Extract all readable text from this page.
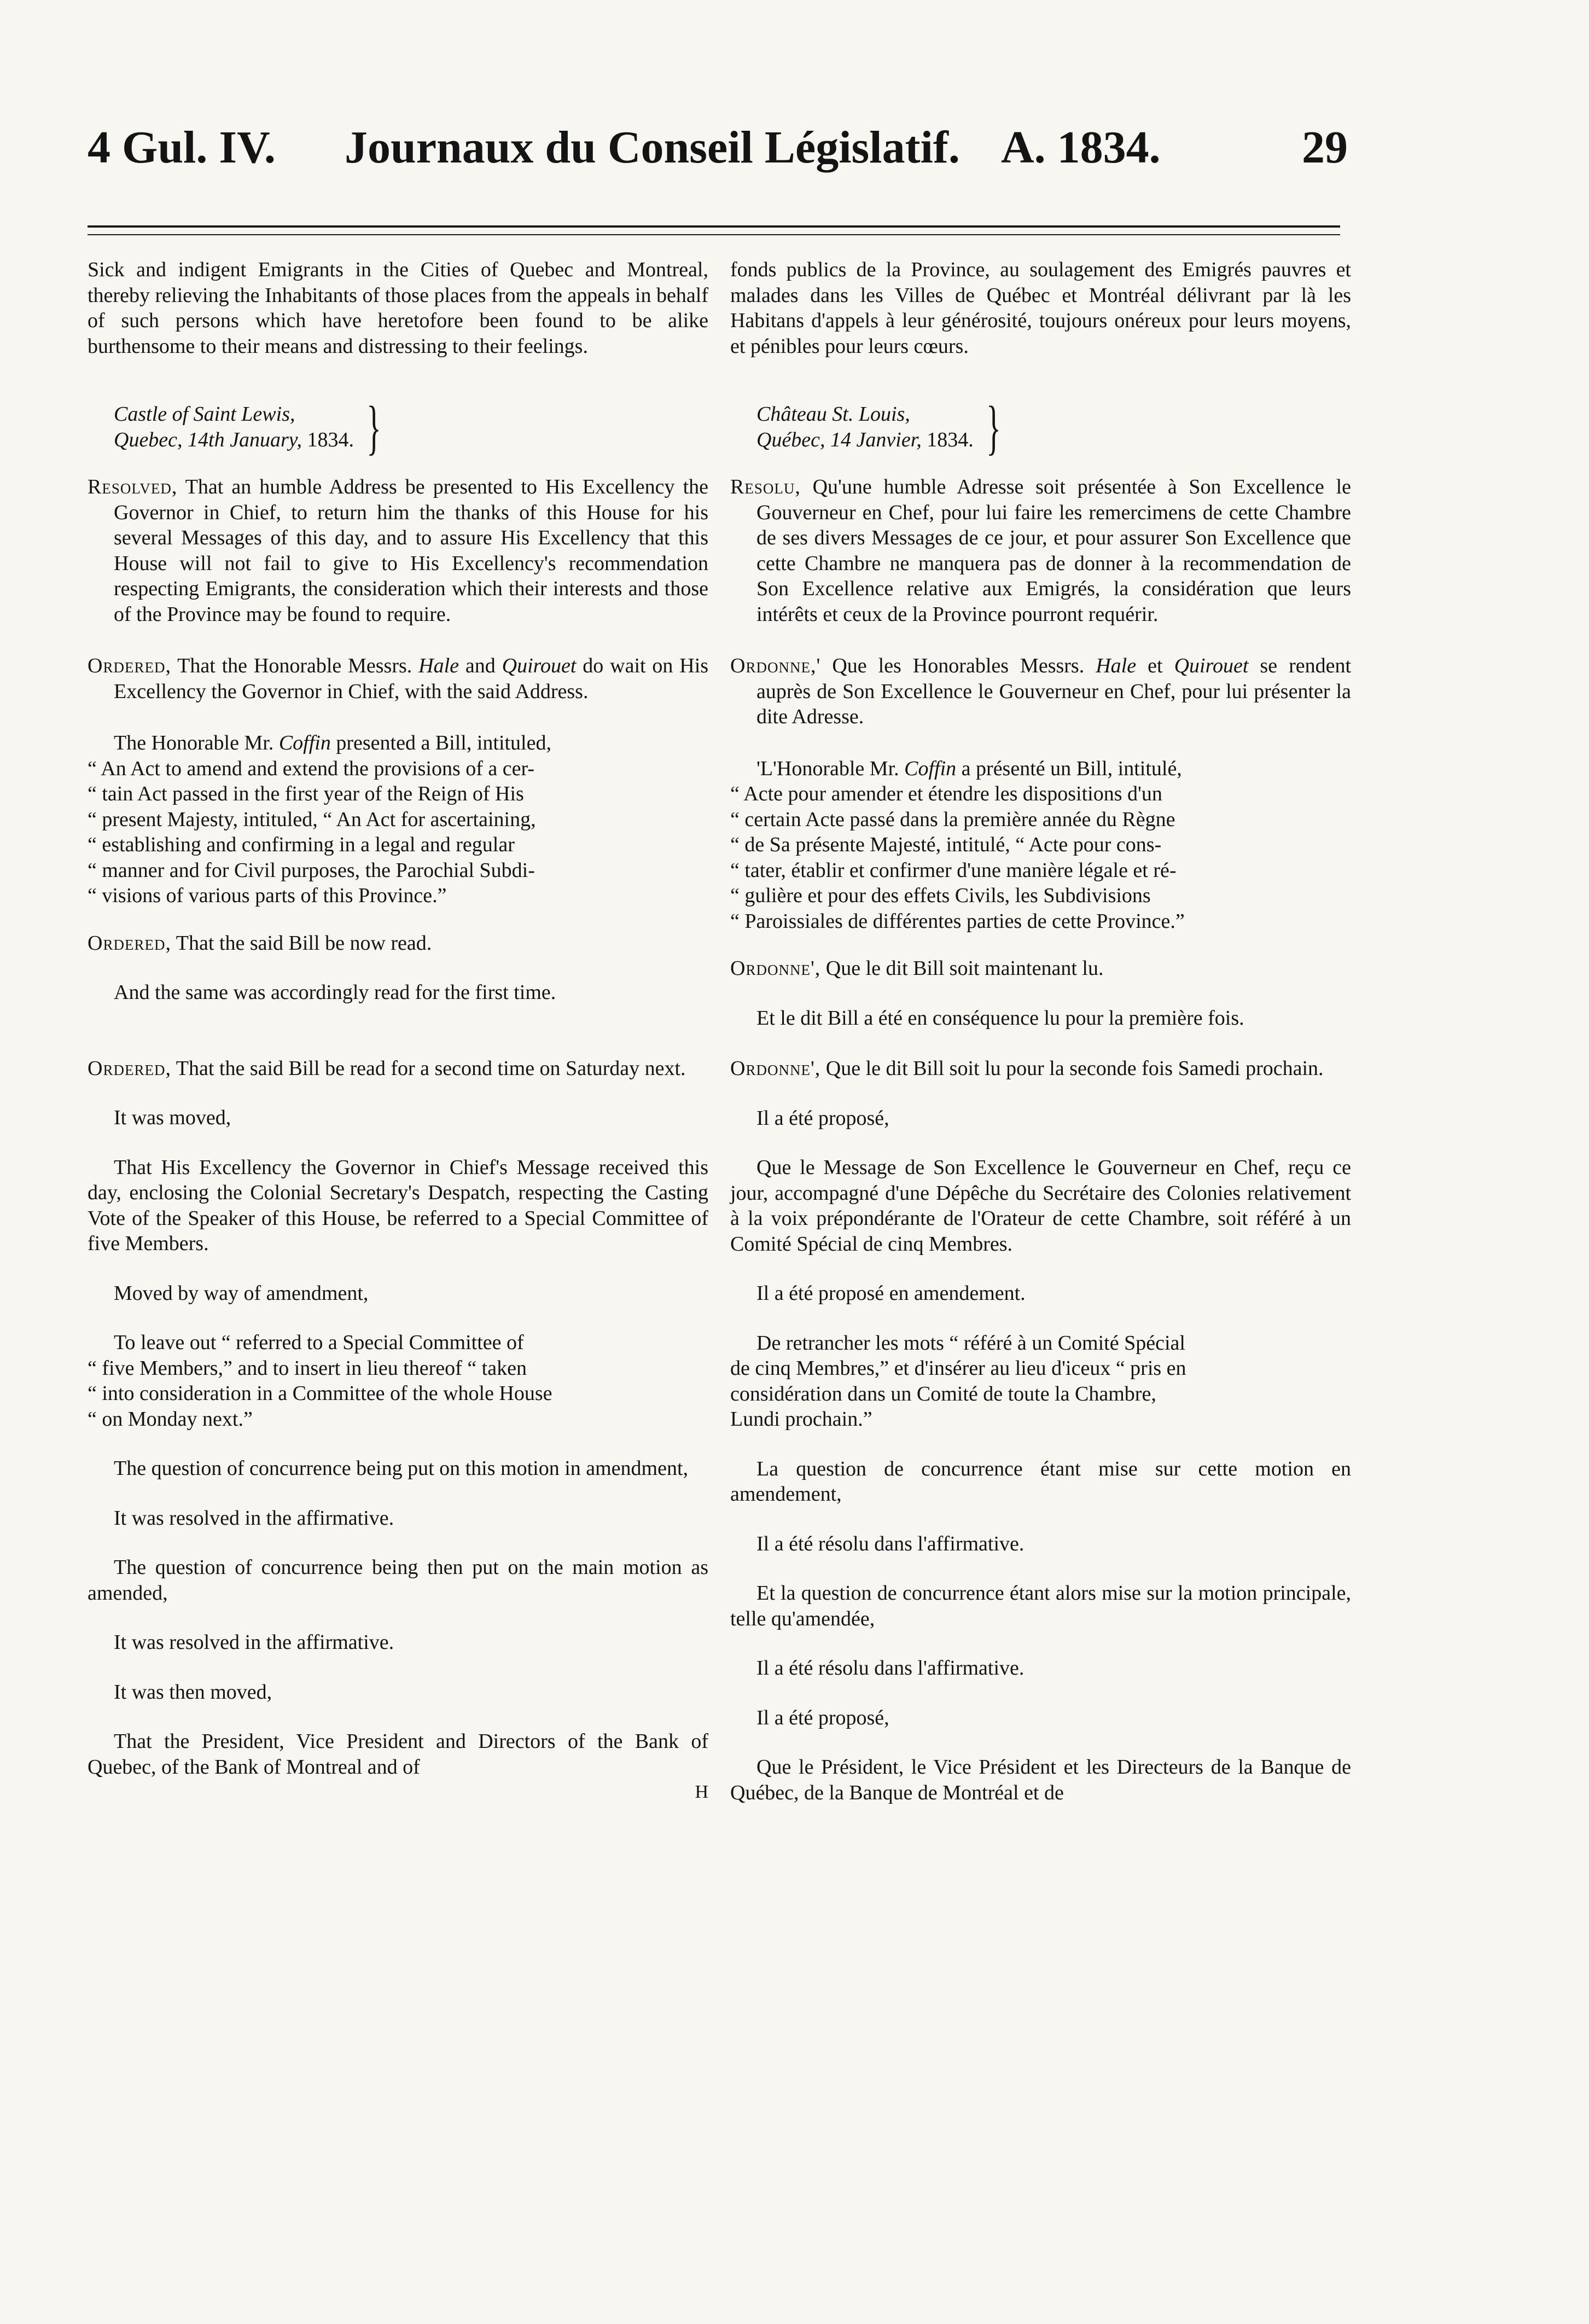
4 Gul. IV. Journaux du Conseil Législatif. A. 1834.	29

Sick and indigent Emigrants in the Cities of Quebec and Montreal, thereby relieving the Inhabitants of those places from the appeals in behalf of such persons which have heretofore been found to be alike burthensome to their means and distressing to their feelings.

Castle of Saint Lewis,
Quebec, 14th January, 1834. }

Resolved, That an humble Address be presented to His Excellency the Governor in Chief, to return him the thanks of this House for his several Messages of this day, and to assure His Excellency that this House will not fail to give to His Excellency's recommendation respecting Emigrants, the consideration which their interests and those of the Province may be found to require.

Ordered, That the Honorable Messrs. Hale and Quirouet do wait on His Excellency the Governor in Chief, with the said Address.

The Honorable Mr. Coffin presented a Bill, intituled,

“ An Act to amend and extend the provisions of a cer-

“ tain Act passed in the first year of the Reign of His

“ present Majesty, intituled, “ An Act for ascertaining,

“ establishing and confirming in a legal and regular

“ manner and for Civil purposes, the Parochial Subdi-

“ visions of various parts of this Province.”

Ordered, That the said Bill be now read.

And the same was accordingly read for the first time.

Ordered, That the said Bill be read for a second time on Saturday next.

It was moved,

That His Excellency the Governor in Chief's Message received this day, enclosing the Colonial Secretary's Despatch, respecting the Casting Vote of the Speaker of this House, be referred to a Special Committee of five Members.

Moved by way of amendment,

To leave out “ referred to a Special Committee of

“ five Members,” and to insert in lieu thereof “ taken

“ into consideration in a Committee of the whole House

“ on Monday next.”

The question of concurrence being put on this motion in amendment,

It was resolved in the affirmative.

The question of concurrence being then put on the main motion as amended,

It was resolved in the affirmative.

It was then moved,

That the President, Vice President and Directors of the Bank of Quebec, of the Bank of Montreal and of

H

fonds publics de la Province, au soulagement des Emigrés pauvres et malades dans les Villes de Québec et Montréal délivrant par là les Habitans d'appels à leur générosité, toujours onéreux pour leurs moyens, et pénibles pour leurs cœurs.

Château St. Louis,
Québec, 14 Janvier, 1834. }

Resolu, Qu'une humble Adresse soit présentée à Son Excellence le Gouverneur en Chef, pour lui faire les remercimens de cette Chambre de ses divers Messages de ce jour, et pour assurer Son Excellence que cette Chambre ne manquera pas de donner à la recommendation de Son Excellence relative aux Emigrés, la considération que leurs intérêts et ceux de la Province pourront requérir.

Ordonne,' Que les Honorables Messrs. Hale et Quirouet se rendent auprès de Son Excellence le Gouverneur en Chef, pour lui présenter la dite Adresse.

'L'Honorable Mr. Coffin a présenté un Bill, intitulé,

“ Acte pour amender et étendre les dispositions d'un

“ certain Acte passé dans la première année du Règne

“ de Sa présente Majesté, intitulé, “ Acte pour cons-

“ tater, établir et confirmer d'une manière légale et ré-

“ gulière et pour des effets Civils, les Subdivisions

“ Paroissiales de différentes parties de cette Province.”

Ordonne', Que le dit Bill soit maintenant lu.

Et le dit Bill a été en conséquence lu pour la première fois.

Ordonne', Que le dit Bill soit lu pour la seconde fois Samedi prochain.

Il a été proposé,

Que le Message de Son Excellence le Gouverneur en Chef, reçu ce jour, accompagné d'une Dépêche du Secrétaire des Colonies relativement à la voix prépondérante de l'Orateur de cette Chambre, soit référé à un Comité Spécial de cinq Membres.

Il a été proposé en amendement.

De retrancher les mots “ référé à un Comité Spécial

de cinq Membres,” et d'insérer au lieu d'iceux “ pris en

considération dans un Comité de toute la Chambre,

Lundi prochain.”

La question de concurrence étant mise sur cette motion en amendement,

Il a été résolu dans l'affirmative.

Et la question de concurrence étant alors mise sur la motion principale, telle qu'amendée,

Il a été résolu dans l'affirmative.

Il a été proposé,

Que le Président, le Vice Président et les Directeurs de la Banque de Québec, de la Banque de Montréal et de
